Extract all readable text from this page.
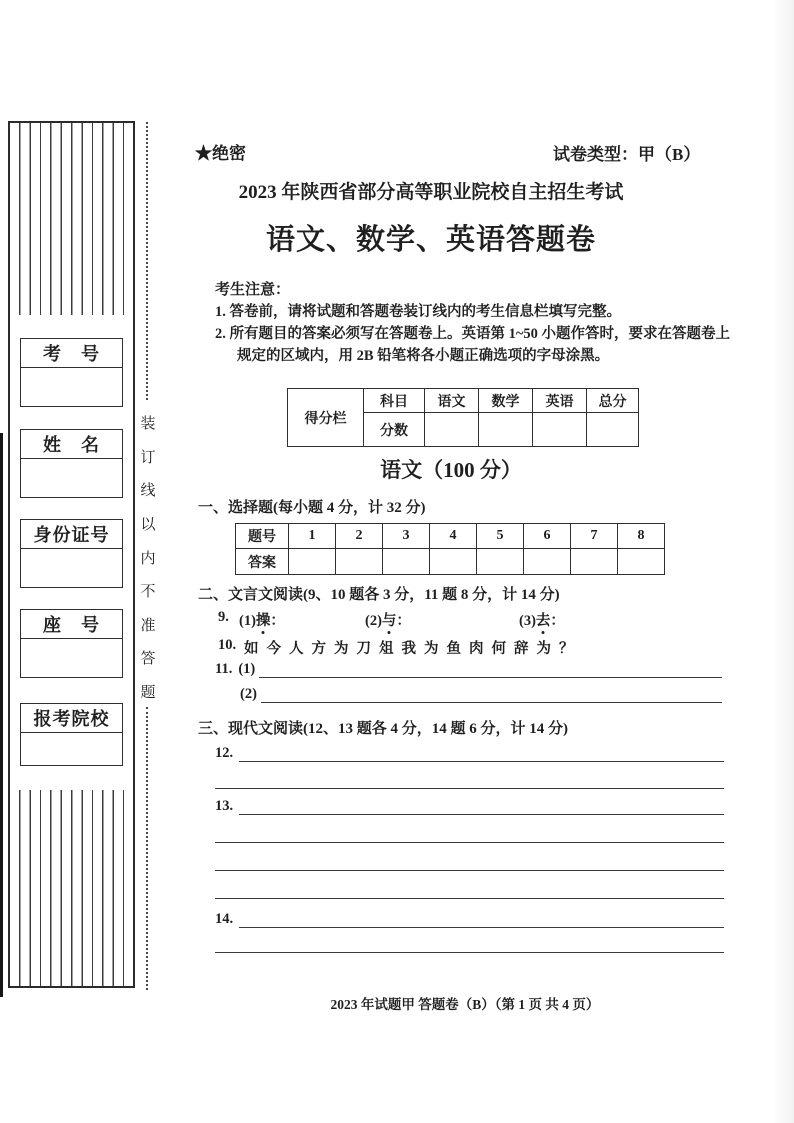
考　号
姓　名
身份证号
座　号
报考院校
装
订
线
以
内
不
准
答
题
★绝密	试卷类型：甲（B）
2023 年陕西省部分高等职业院校自主招生考试
语文、数学、英语答题卷
考生注意：
1. 答卷前，请将试题和答题卷装订线内的考生信息栏填写完整。
2. 所有题目的答案必须写在答题卷上。英语第 1~50 小题作答时，要求在答题卷上规定的区域内，用 2B 铅笔将各小题正确选项的字母涂黑。
得分栏	科目	语文	数学	英语	总分
	分数				
语文（100 分）
一、选择题(每小题 4 分，计 32 分)
题号	1	2	3	4	5	6	7	8
答案								
二、文言文阅读(9、10 题各 3 分，11 题 8 分，计 14 分)
9. (1)操：	(2)与：	(3)去：
10. 如今人方为刀俎我为鱼肉何辞为？
11. (1)
(2)
三、现代文阅读(12、13 题各 4 分，14 题 6 分，计 14 分)
12.
13.
14.
2023 年试题甲 答题卷（B）（第 1 页 共 4 页）
